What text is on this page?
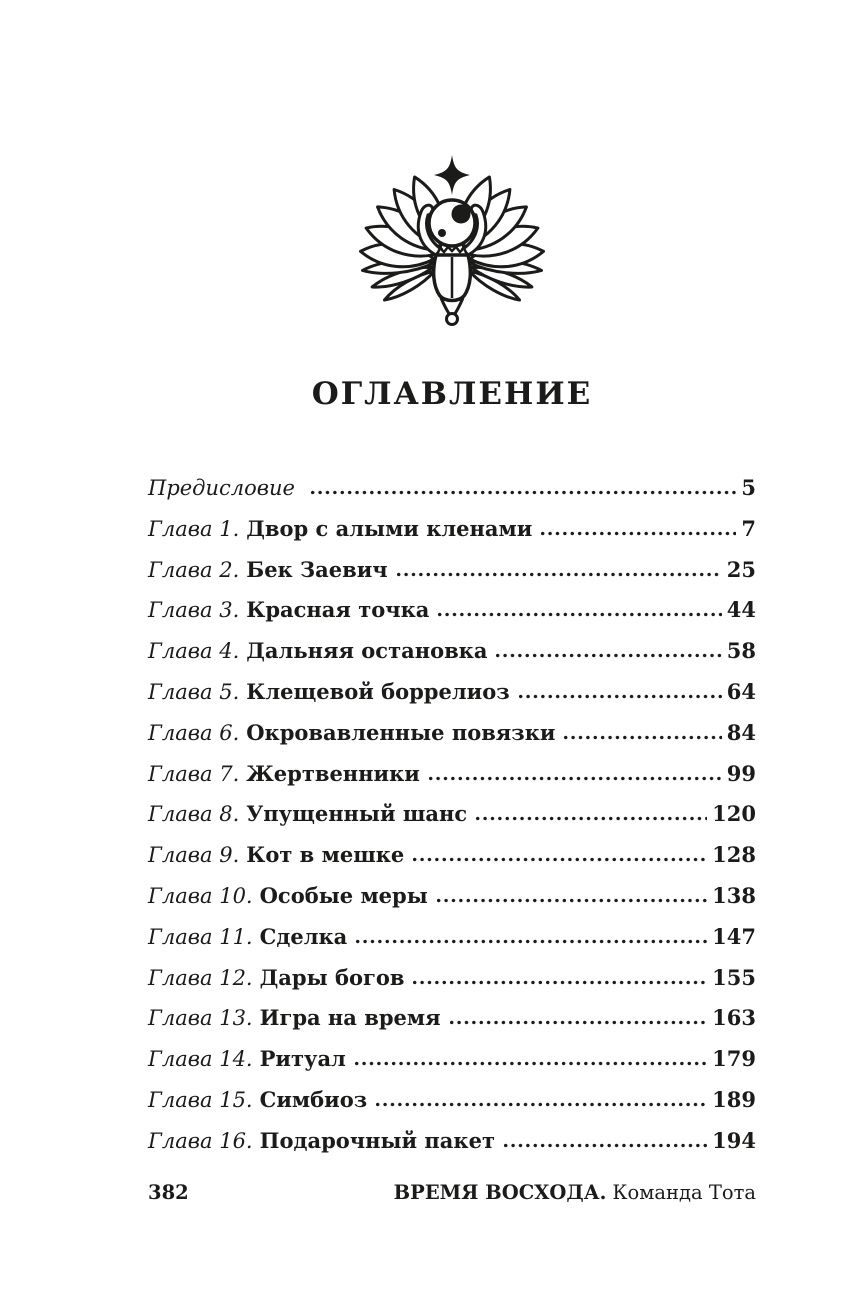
ОГЛАВЛЕНИЕ
Предисловие	5
Глава 1. Двор с алыми кленами	7
Глава 2. Бек Заевич	25
Глава 3. Красная точка	44
Глава 4. Дальняя остановка	58
Глава 5. Клещевой боррелиоз	64
Глава 6. Окровавленные повязки	84
Глава 7. Жертвенники	99
Глава 8. Упущенный шанс	120
Глава 9. Кот в мешке	128
Глава 10. Особые меры	138
Глава 11. Сделка	147
Глава 12. Дары богов	155
Глава 13. Игра на время	163
Глава 14. Ритуал	179
Глава 15. Симбиоз	189
Глава 16. Подарочный пакет	194
382	ВРЕМЯ ВОСХОДА. Команда Тота
